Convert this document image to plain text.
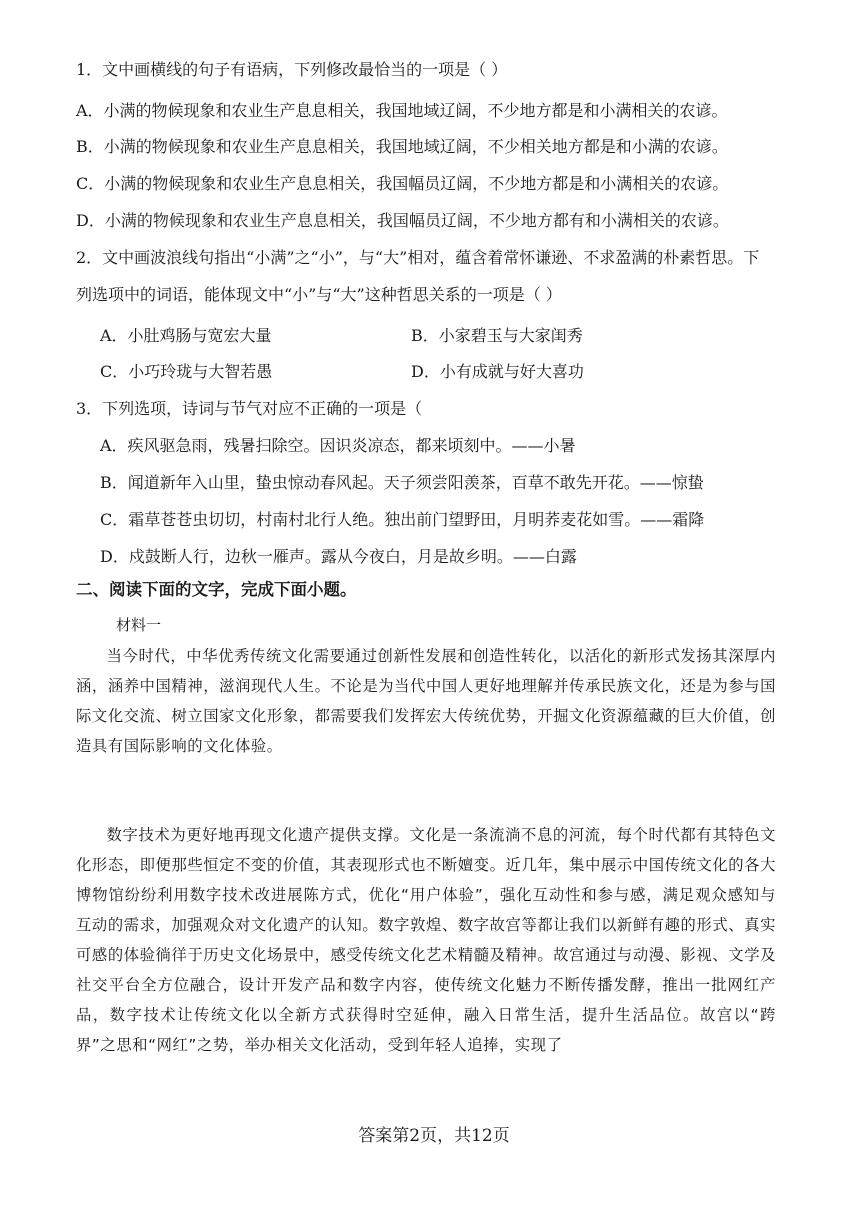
1．文中画横线的句子有语病，下列修改最恰当的一项是（ ）
A．小满的物候现象和农业生产息息相关，我国地域辽阔，不少地方都是和小满相关的农谚。
B．小满的物候现象和农业生产息息相关，我国地域辽阔，不少相关地方都是和小满的农谚。
C．小满的物候现象和农业生产息息相关，我国幅员辽阔，不少地方都是和小满相关的农谚。
D．小满的物候现象和农业生产息息相关，我国幅员辽阔，不少地方都有和小满相关的农谚。
2．文中画波浪线句指出“小满”之“小”，与“大”相对，蕴含着常怀谦逊、不求盈满的朴素哲思。下
列选项中的词语，能体现文中“小”与“大”这种哲思关系的一项是（ ）
A．小肚鸡肠与宽宏大量	B．小家碧玉与大家闺秀
C．小巧玲珑与大智若愚	D．小有成就与好大喜功
3．下列选项，诗词与节气对应不正确的一项是（
A．疾风驱急雨，残暑扫除空。因识炎凉态，都来顷刻中。——小暑
B．闻道新年入山里，蛰虫惊动春风起。天子须尝阳羡茶，百草不敢先开花。——惊蛰
C．霜草苍苍虫切切，村南村北行人绝。独出前门望野田，月明荞麦花如雪。——霜降
D．戍鼓断人行，边秋一雁声。露从今夜白，月是故乡明。——白露
二、阅读下面的文字，完成下面小题。
材料一

当今时代，中华优秀传统文化需要通过创新性发展和创造性转化，以活化的新形式发扬其深厚内涵，涵养中国精神，滋润现代人生。不论是为当代中国人更好地理解并传承民族文化，还是为参与国际文化交流、树立国家文化形象，都需要我们发挥宏大传统优势，开掘文化资源蕴藏的巨大价值，创造具有国际影响的文化体验。

数字技术为更好地再现文化遗产提供支撑。文化是一条流淌不息的河流，每个时代都有其特色文化形态，即便那些恒定不变的价值，其表现形式也不断嬗变。近几年，集中展示中国传统文化的各大博物馆纷纷利用数字技术改进展陈方式，优化“用户体验”，强化互动性和参与感，满足观众感知与互动的需求，加强观众对文化遗产的认知。数字敦煌、数字故宫等都让我们以新鲜有趣的形式、真实可感的体验徜徉于历史文化场景中，感受传统文化艺术精髓及精神。故宫通过与动漫、影视、文学及社交平台全方位融合，设计开发产品和数字内容，使传统文化魅力不断传播发酵，推出一批网红产品，数字技术让传统文化以全新方式获得时空延伸，融入日常生活，提升生活品位。故宫以“跨界”之思和“网红”之势，举办相关文化活动，受到年轻人追捧，实现了

答案第2页，共12页
